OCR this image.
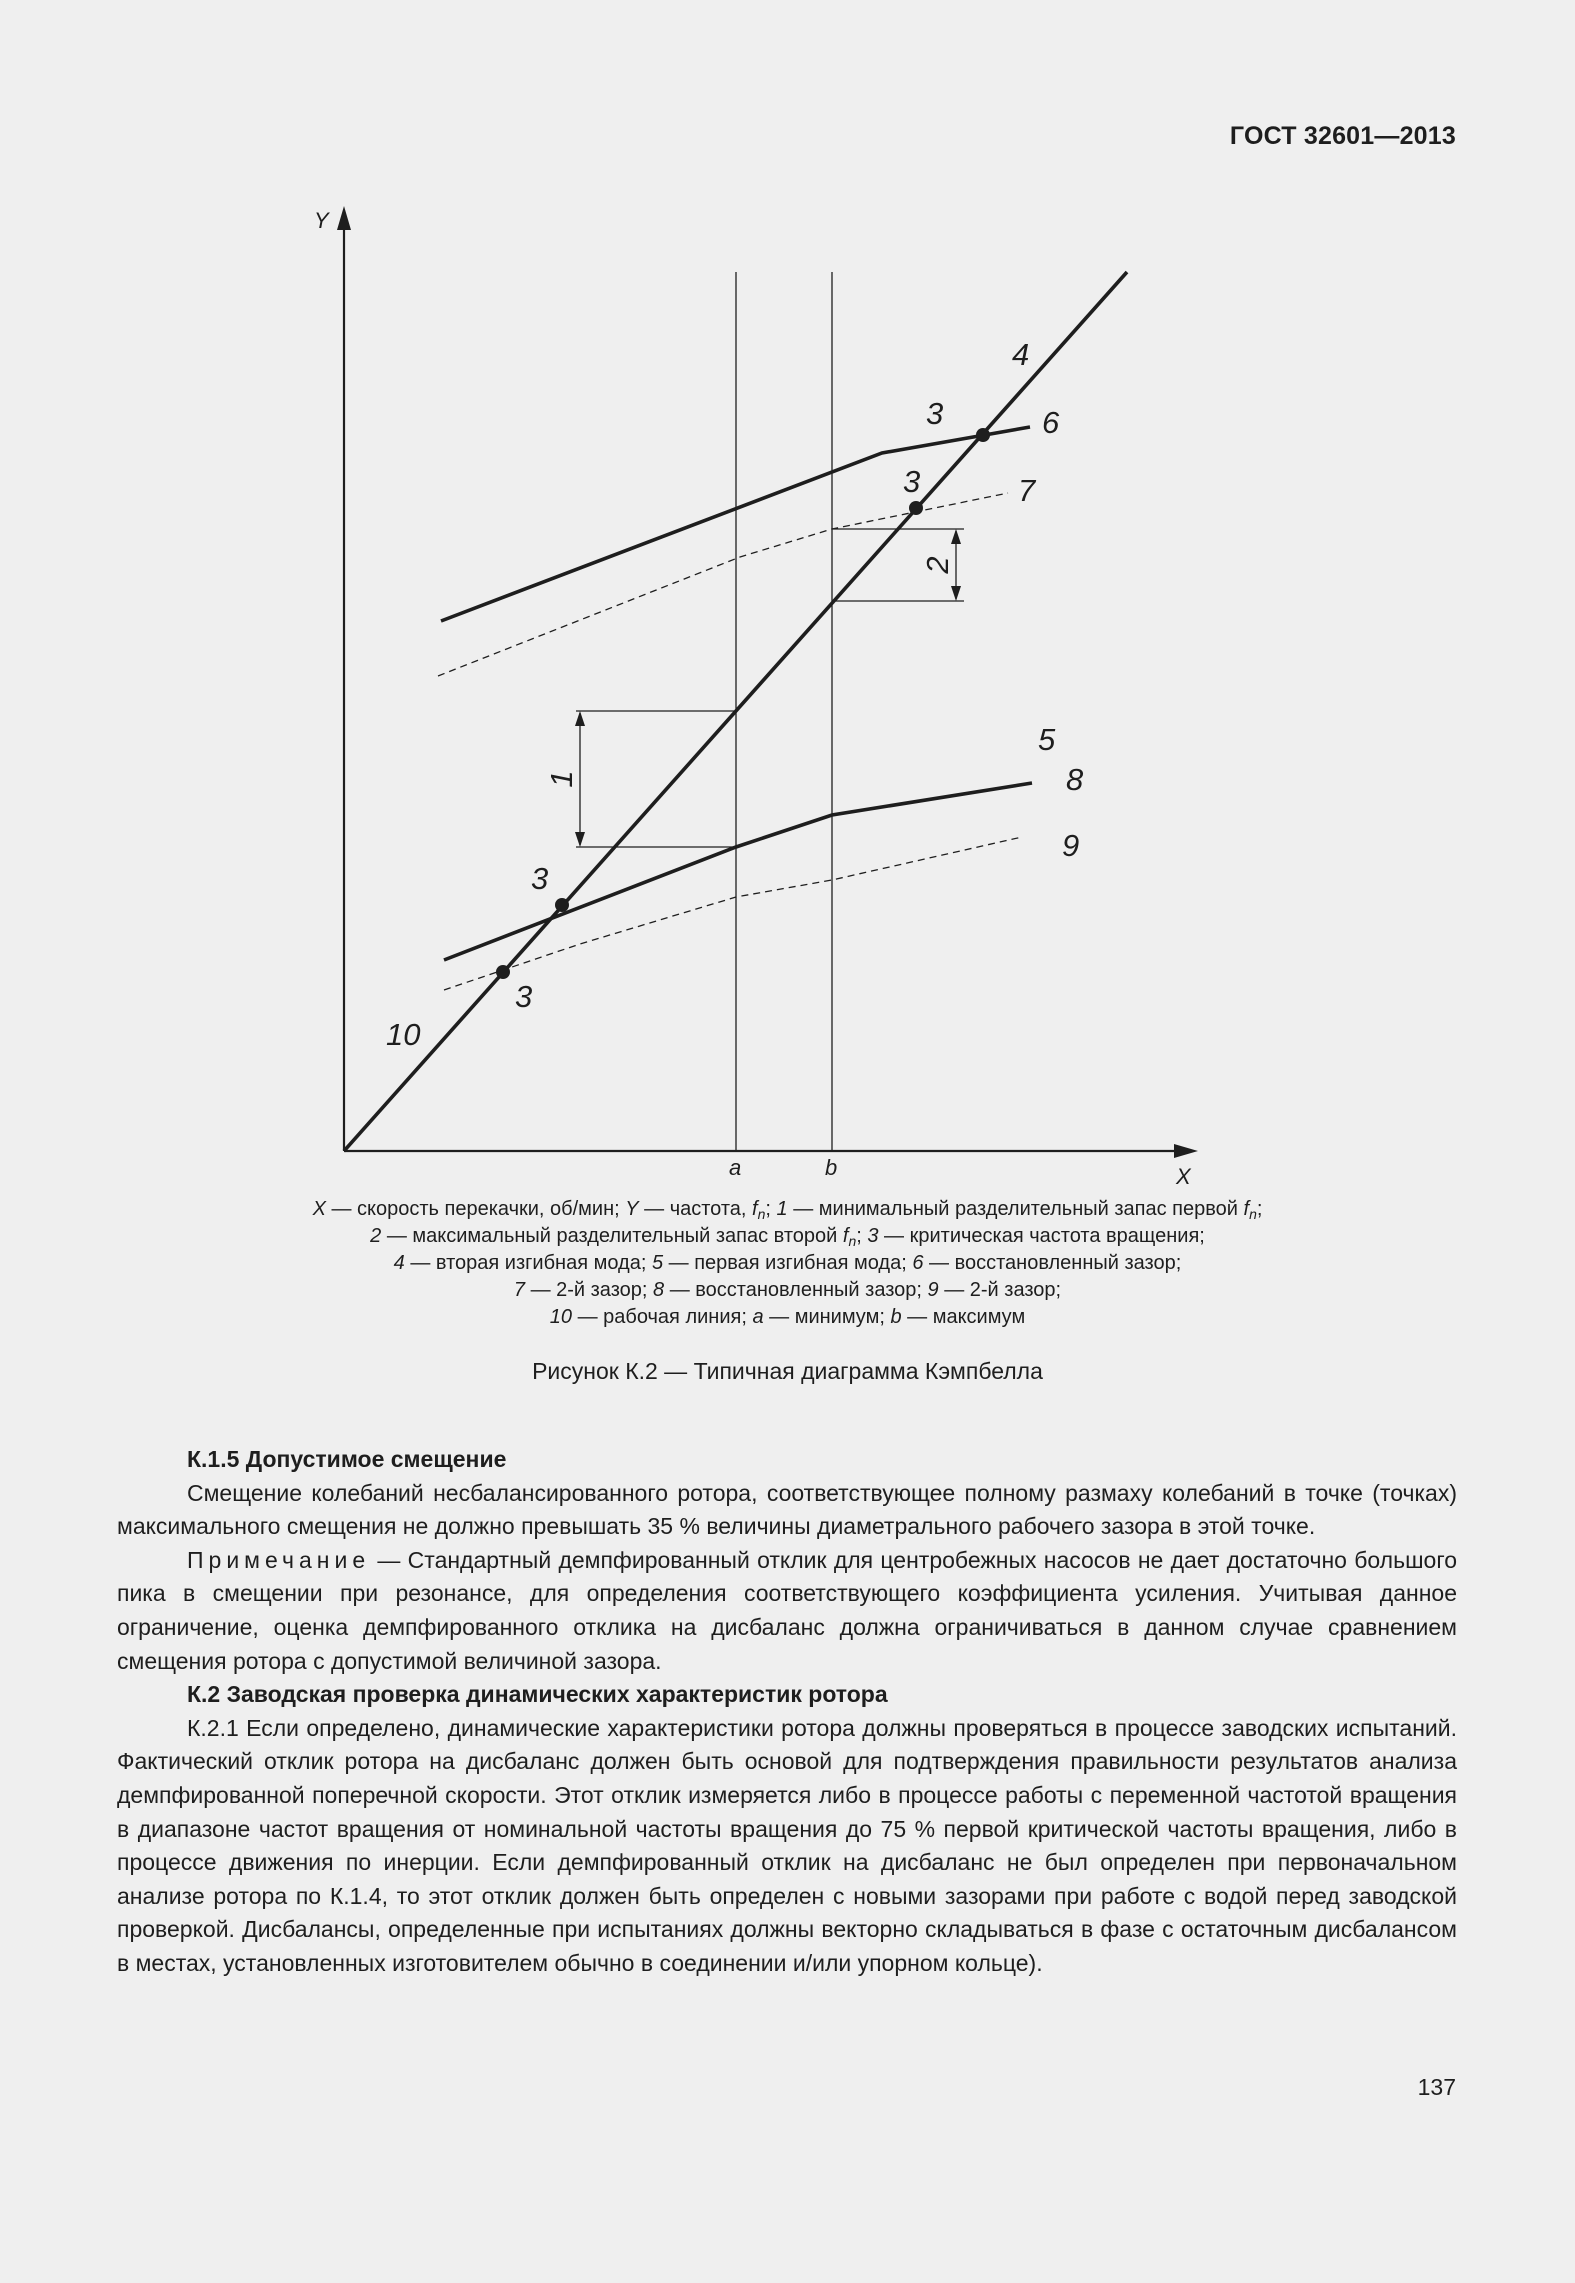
ГОСТ 32601—2013
Y
X
a	b
4
6
7
5
8
9
10
3
3
3
3
1
2
X — скорость перекачки, об/мин; Y — частота, $f_n$; 1 — минимальный разделительный запас первой $f_n$;
2 — максимальный разделительный запас второй $f_n$; 3 — критическая частота вращения;
4 — вторая изгибная мода; 5 — первая изгибная мода; 6 — восстановленный зазор;
7 — 2-й зазор; 8 — восстановленный зазор; 9 — 2-й зазор;
10 — рабочая линия; a — минимум; b — максимум
Рисунок К.2 — Типичная диаграмма Кэмпбелла

К.1.5 Допустимое смещение

Смещение колебаний несбалансированного ротора, соответствующее полному размаху колебаний в точке (точках) максимального смещения не должно превышать 35 % величины диаметрального рабочего зазора в этой точке.

Примечание — Стандартный демпфированный отклик для центробежных насосов не дает достаточно большого пика в смещении при резонансе, для определения соответствующего коэффициента усиления. Учитывая данное ограничение, оценка демпфированного отклика на дисбаланс должна ограничиваться в данном случае сравнением смещения ротора с допустимой величиной зазора.

К.2 Заводская проверка динамических характеристик ротора

К.2.1 Если определено, динамические характеристики ротора должны проверяться в процессе заводских испытаний. Фактический отклик ротора на дисбаланс должен быть основой для подтверждения правильности результатов анализа демпфированной поперечной скорости. Этот отклик измеряется либо в процессе работы с переменной частотой вращения в диапазоне частот вращения от номинальной частоты вращения до 75 % первой критической частоты вращения, либо в процессе движения по инерции. Если демпфированный отклик на дисбаланс не был определен при первоначальном анализе ротора по К.1.4, то этот отклик должен быть определен с новыми зазорами при работе с водой перед заводской проверкой. Дисбалансы, определенные при испытаниях должны векторно складываться в фазе с остаточным дисбалансом в местах, установленных изготовителем обычно в соединении и/или упорном кольце).

137
